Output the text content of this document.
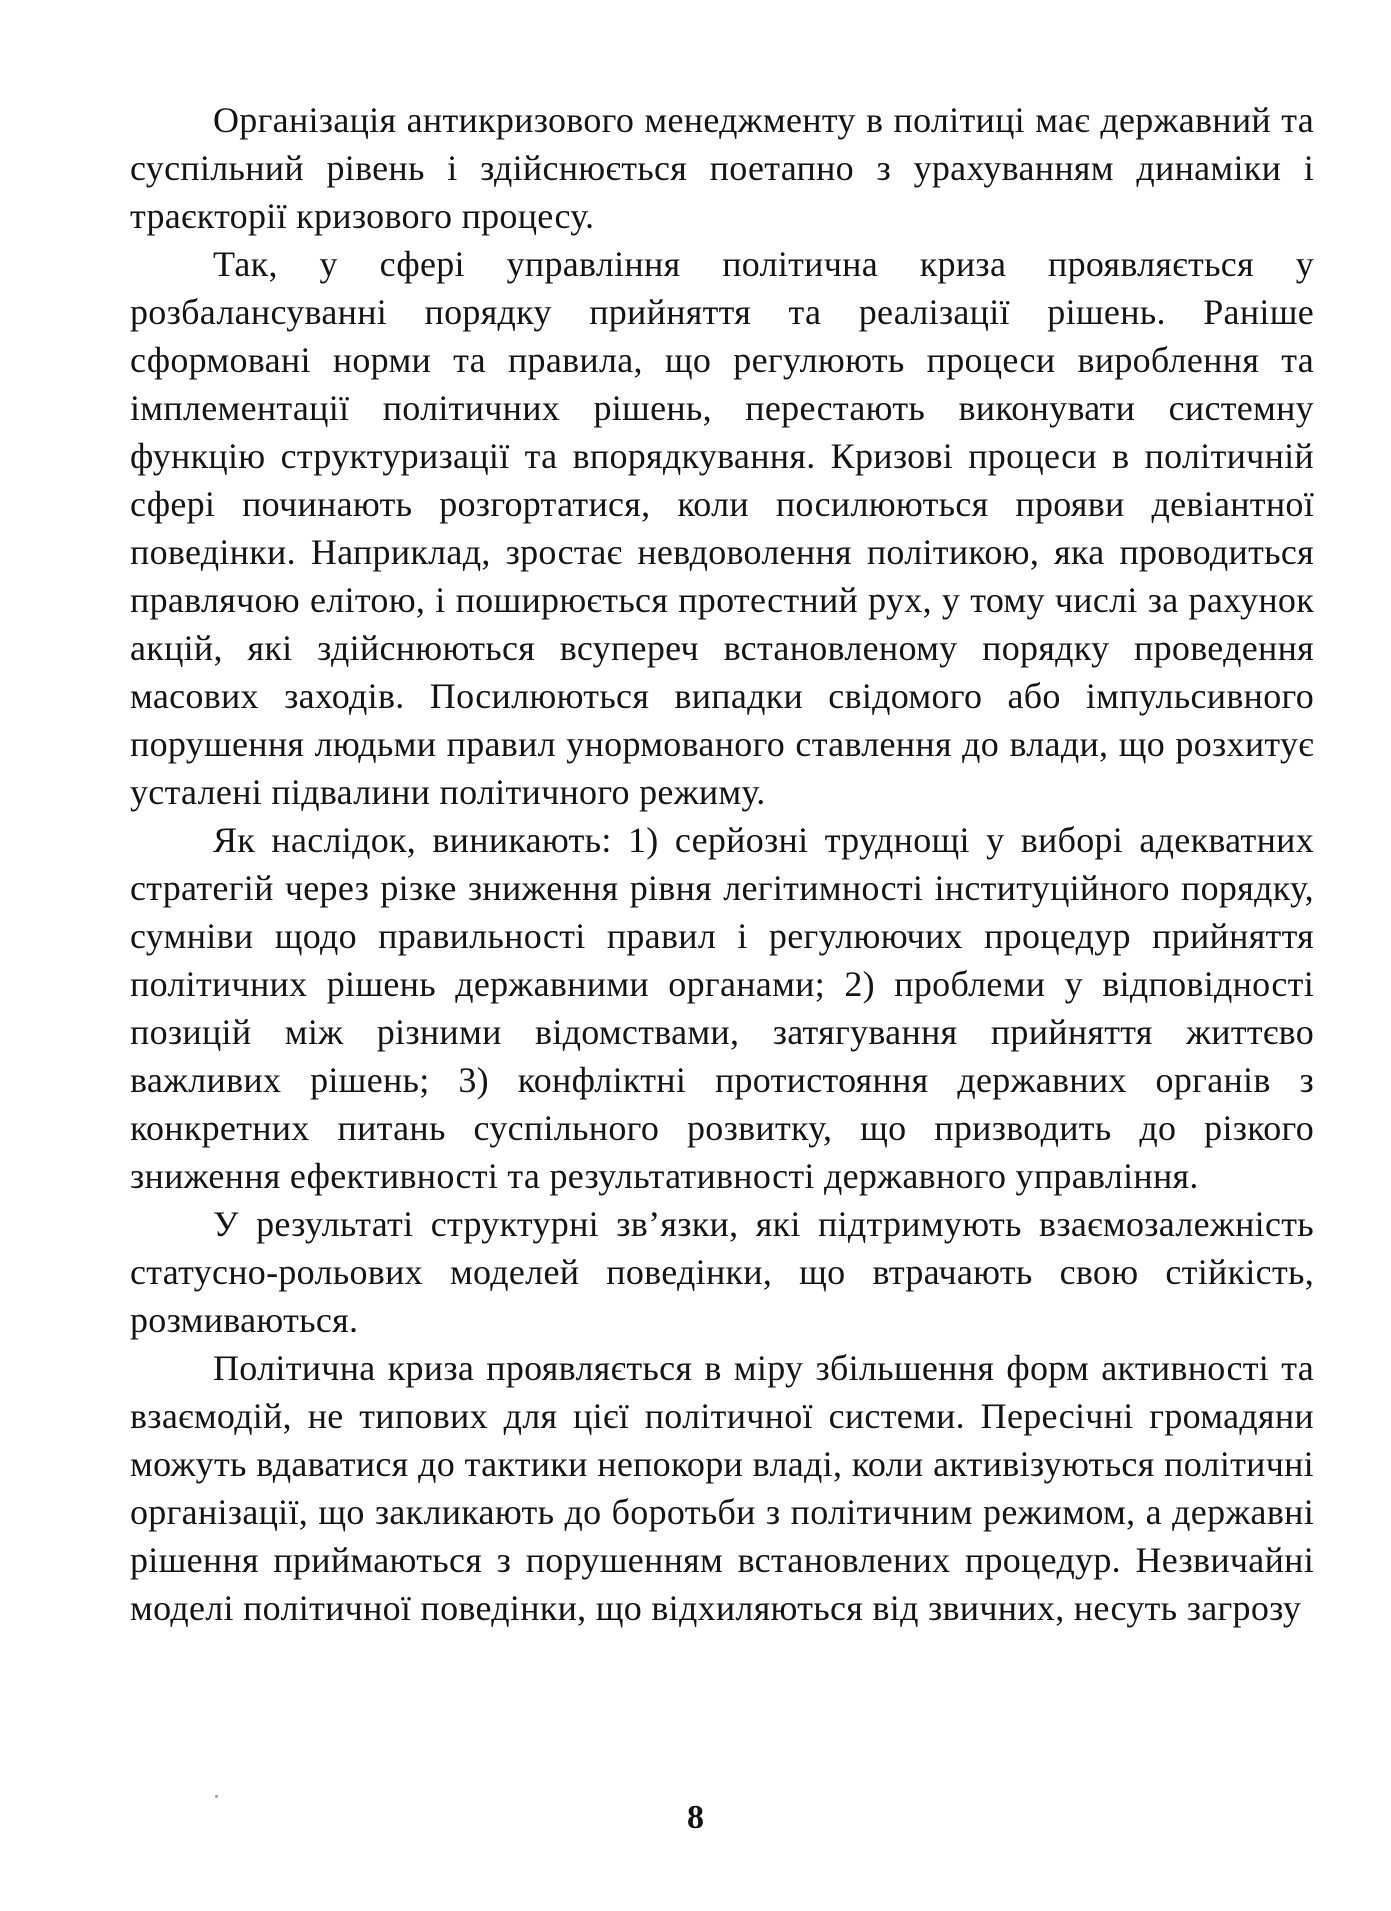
Організація антикризового менеджменту в політиці має державний та суспільний рівень і здійснюється поетапно з урахуванням динаміки і траєкторії кризового процесу.

Так, у сфері управління політична криза проявляється у розбалансуванні порядку прийняття та реалізації рішень. Раніше сформовані норми та правила, що регулюють процеси вироблення та імплементації політичних рішень, перестають виконувати системну функцію структуризації та впорядкування. Кризові процеси в політичній сфері починають розгортатися, коли посилюються прояви девіантної поведінки. Наприклад, зростає невдоволення політикою, яка проводиться правлячою елітою, і поширюється протестний рух, у тому числі за рахунок акцій, які здійснюються всупереч встановленому порядку проведення масових заходів. Посилюються випадки свідомого або імпульсивного порушення людьми правил унормованого ставлення до влади, що розхитує усталені підвалини політичного режиму.

Як наслідок, виникають: 1) серйозні труднощі у виборі адекватних стратегій через різке зниження рівня легітимності інституційного порядку, сумніви щодо правильності правил і регулюючих процедур прийняття політичних рішень державними органами; 2) проблеми у відповідності позицій між різними відомствами, затягування прийняття життєво важливих рішень; 3) конфліктні протистояння державних органів з конкретних питань суспільного розвитку, що призводить до різкого зниження ефективності та результативності державного управління.

У результаті структурні зв’язки, які підтримують взаємозалежність статусно-рольових моделей поведінки, що втрачають свою стійкість, розмиваються.

Політична криза проявляється в міру збільшення форм активності та взаємодій, не типових для цієї політичної системи. Пересічні громадяни можуть вдаватися до тактики непокори владі, коли активізуються політичні організації, що закликають до боротьби з політичним режимом, а державні рішення приймаються з порушенням встановлених процедур. Незвичайні моделі політичної поведінки, що відхиляються від звичних, несуть загрозу

8
